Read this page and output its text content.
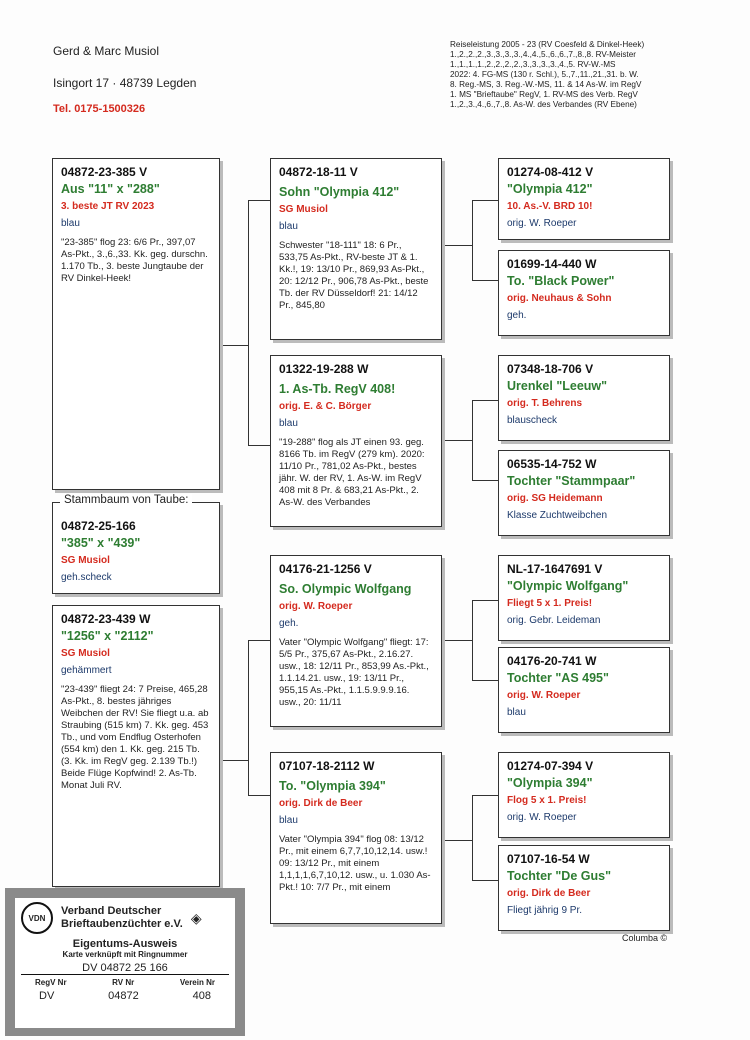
Gerd & Marc Musiol
Isingort 17 · 48739 Legden
Tel. 0175-1500326
Reiseleistung 2005 - 23 (RV Coesfeld & Dinkel-Heek)
1.,2.,2.,2.,3.,3.,3.,3.,4.,4.,5.,6.,6.,7.,8.,8. RV-Meister
1.,1.,1.,1.,2.,2.,2.,2.,3.,3.,3.,3.,4.,5. RV-W.-MS
2022: 4. FG-MS (130 r. Schl.), 5.,7.,11.,21.,31. b. W.
8. Reg.-MS, 3. Reg.-W.-MS, 11. & 14 As-W. im RegV
1. MS "Brieftaube" RegV, 1. RV-MS des Verb. RegV
1.,2.,3.,4.,6.,7.,8. As-W. des Verbandes (RV Ebene)
04872-23-385 V
Aus "11" x "288"
3. beste JT RV 2023
blau
"23-385" flog 23: 6/6 Pr., 397,07 As-Pkt., 3.,6.,33. Kk. geg. durschn. 1.170 Tb., 3. beste Jungtaube der RV Dinkel-Heek!
04872-25-166
"385" x "439"
SG Musiol
geh.scheck
Stammbaum von Taube:
04872-23-439 W
"1256" x "2112"
SG Musiol
gehämmert
"23-439" fliegt 24: 7 Preise, 465,28 As-Pkt., 8. bestes jähriges Weibchen der RV! Sie fliegt u.a. ab Straubing (515 km) 7. Kk. geg. 453 Tb., und vom Endflug Osterhofen (554 km) den 1. Kk. geg. 215 Tb. (3. Kk. im RegV geg. 2.139 Tb.!) Beide Flüge Kopfwind! 2. As-Tb. Monat Juli RV.
04872-18-11 V
Sohn "Olympia 412"
SG Musiol
blau
Schwester "18-111" 18: 6 Pr., 533,75 As-Pkt., RV-beste JT & 1. Kk.!, 19: 13/10 Pr., 869,93 As-Pkt., 20: 12/12 Pr., 906,78 As-Pkt., beste Tb. der RV Düsseldorf! 21: 14/12 Pr., 845,80
01322-19-288 W
1. As-Tb. RegV 408!
orig. E. & C. Börger
blau
"19-288" flog als JT einen 93. geg. 8166 Tb. im RegV (279 km). 2020: 11/10 Pr., 781,02 As-Pkt., bestes jähr. W. der RV, 1. As-W. im RegV 408 mit 8 Pr. & 683,21 As-Pkt., 2. As-W. des Verbandes
04176-21-1256 V
So. Olympic Wolfgang
orig. W. Roeper
geh.
Vater "Olympic Wolfgang" fliegt: 17: 5/5 Pr., 375,67 As-Pkt., 2.16.27. usw., 18: 12/11 Pr., 853,99 As.-Pkt., 1.1.14.21. usw., 19: 13/11 Pr., 955,15 As.-Pkt., 1.1.5.9.9.9.16. usw., 20: 11/11
07107-18-2112 W
To. "Olympia 394"
orig. Dirk de Beer
blau
Vater "Olympia 394" flog 08: 13/12 Pr., mit einem 6,7,7,10,12,14. usw.! 09: 13/12 Pr., mit einem 1,1,1,1,6,7,10,12. usw., u. 1.030 As-Pkt.! 10: 7/7 Pr., mit einem
01274-08-412 V
"Olympia 412"
10. As.-V. BRD 10!
orig. W. Roeper
01699-14-440 W
To. "Black Power"
orig. Neuhaus & Sohn
geh.
07348-18-706 V
Urenkel "Leeuw"
orig. T. Behrens
blauscheck
06535-14-752 W
Tochter "Stammpaar"
orig. SG Heidemann
Klasse Zuchtweibchen
NL-17-1647691 V
"Olympic Wolfgang"
Fliegt 5 x 1. Preis!
orig. Gebr. Leideman
04176-20-741 W
Tochter "AS 495"
orig. W. Roeper
blau
01274-07-394 V
"Olympia 394"
Flog 5 x 1. Preis!
orig. W. Roeper
07107-16-54 W
Tochter "De Gus"
orig. Dirk de Beer
Fliegt jährig 9 Pr.
Columba ©
VDN
Verband Deutscher
Brieftaubenzüchter e.V. ◈
Eigentums-Ausweis
Karte verknüpft mit Ringnummer
DV 04872 25 166
RegV Nr	RV Nr	Verein Nr
DV	04872	408
